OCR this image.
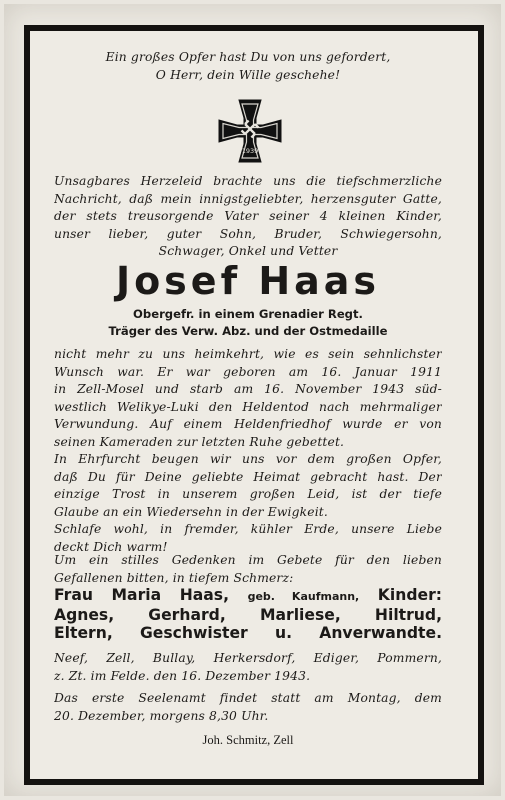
Ein großes Opfer hast Du von uns gefordert,
O Herr, dein Wille geschehe!
1939
Unsagbares Herzeleid brachte uns die tiefschmerzliche
Nachricht, daß mein innigstgeliebter, herzensguter Gatte,
der stets treusorgende Vater seiner 4 kleinen Kinder,
unser lieber, guter Sohn, Bruder, Schwiegersohn,
Schwager, Onkel und Vetter
Josef Haas
Obergefr. in einem Grenadier Regt.
Träger des Verw. Abz. und der Ostmedaille
nicht mehr zu uns heimkehrt, wie es sein sehnlichster
Wunsch war. Er war geboren am 16. Januar 1911
in Zell-Mosel und starb am 16. November 1943 süd-
westlich Welikye-Luki den Heldentod nach mehrmaliger
Verwundung. Auf einem Heldenfriedhof wurde er von
seinen Kameraden zur letzten Ruhe gebettet.
In Ehrfurcht beugen wir uns vor dem großen Opfer,
daß Du für Deine geliebte Heimat gebracht hast. Der
einzige Trost in unserem großen Leid, ist der tiefe
Glaube an ein Wiedersehn in der Ewigkeit.
Schlafe wohl, in fremder, kühler Erde, unsere Liebe
deckt Dich warm!
Um ein stilles Gedenken im Gebete für den lieben
Gefallenen bitten, in tiefem Schmerz:
Frau Maria Haas, geb. Kaufmann, Kinder:
Agnes, Gerhard, Marliese, Hiltrud,
Eltern, Geschwister u. Anverwandte.
Neef, Zell, Bullay, Herkersdorf, Ediger, Pommern,
z. Zt. im Felde. den 16. Dezember 1943.
Das erste Seelenamt findet statt am Montag, dem
20. Dezember, morgens 8,30 Uhr.
Joh. Schmitz, Zell
